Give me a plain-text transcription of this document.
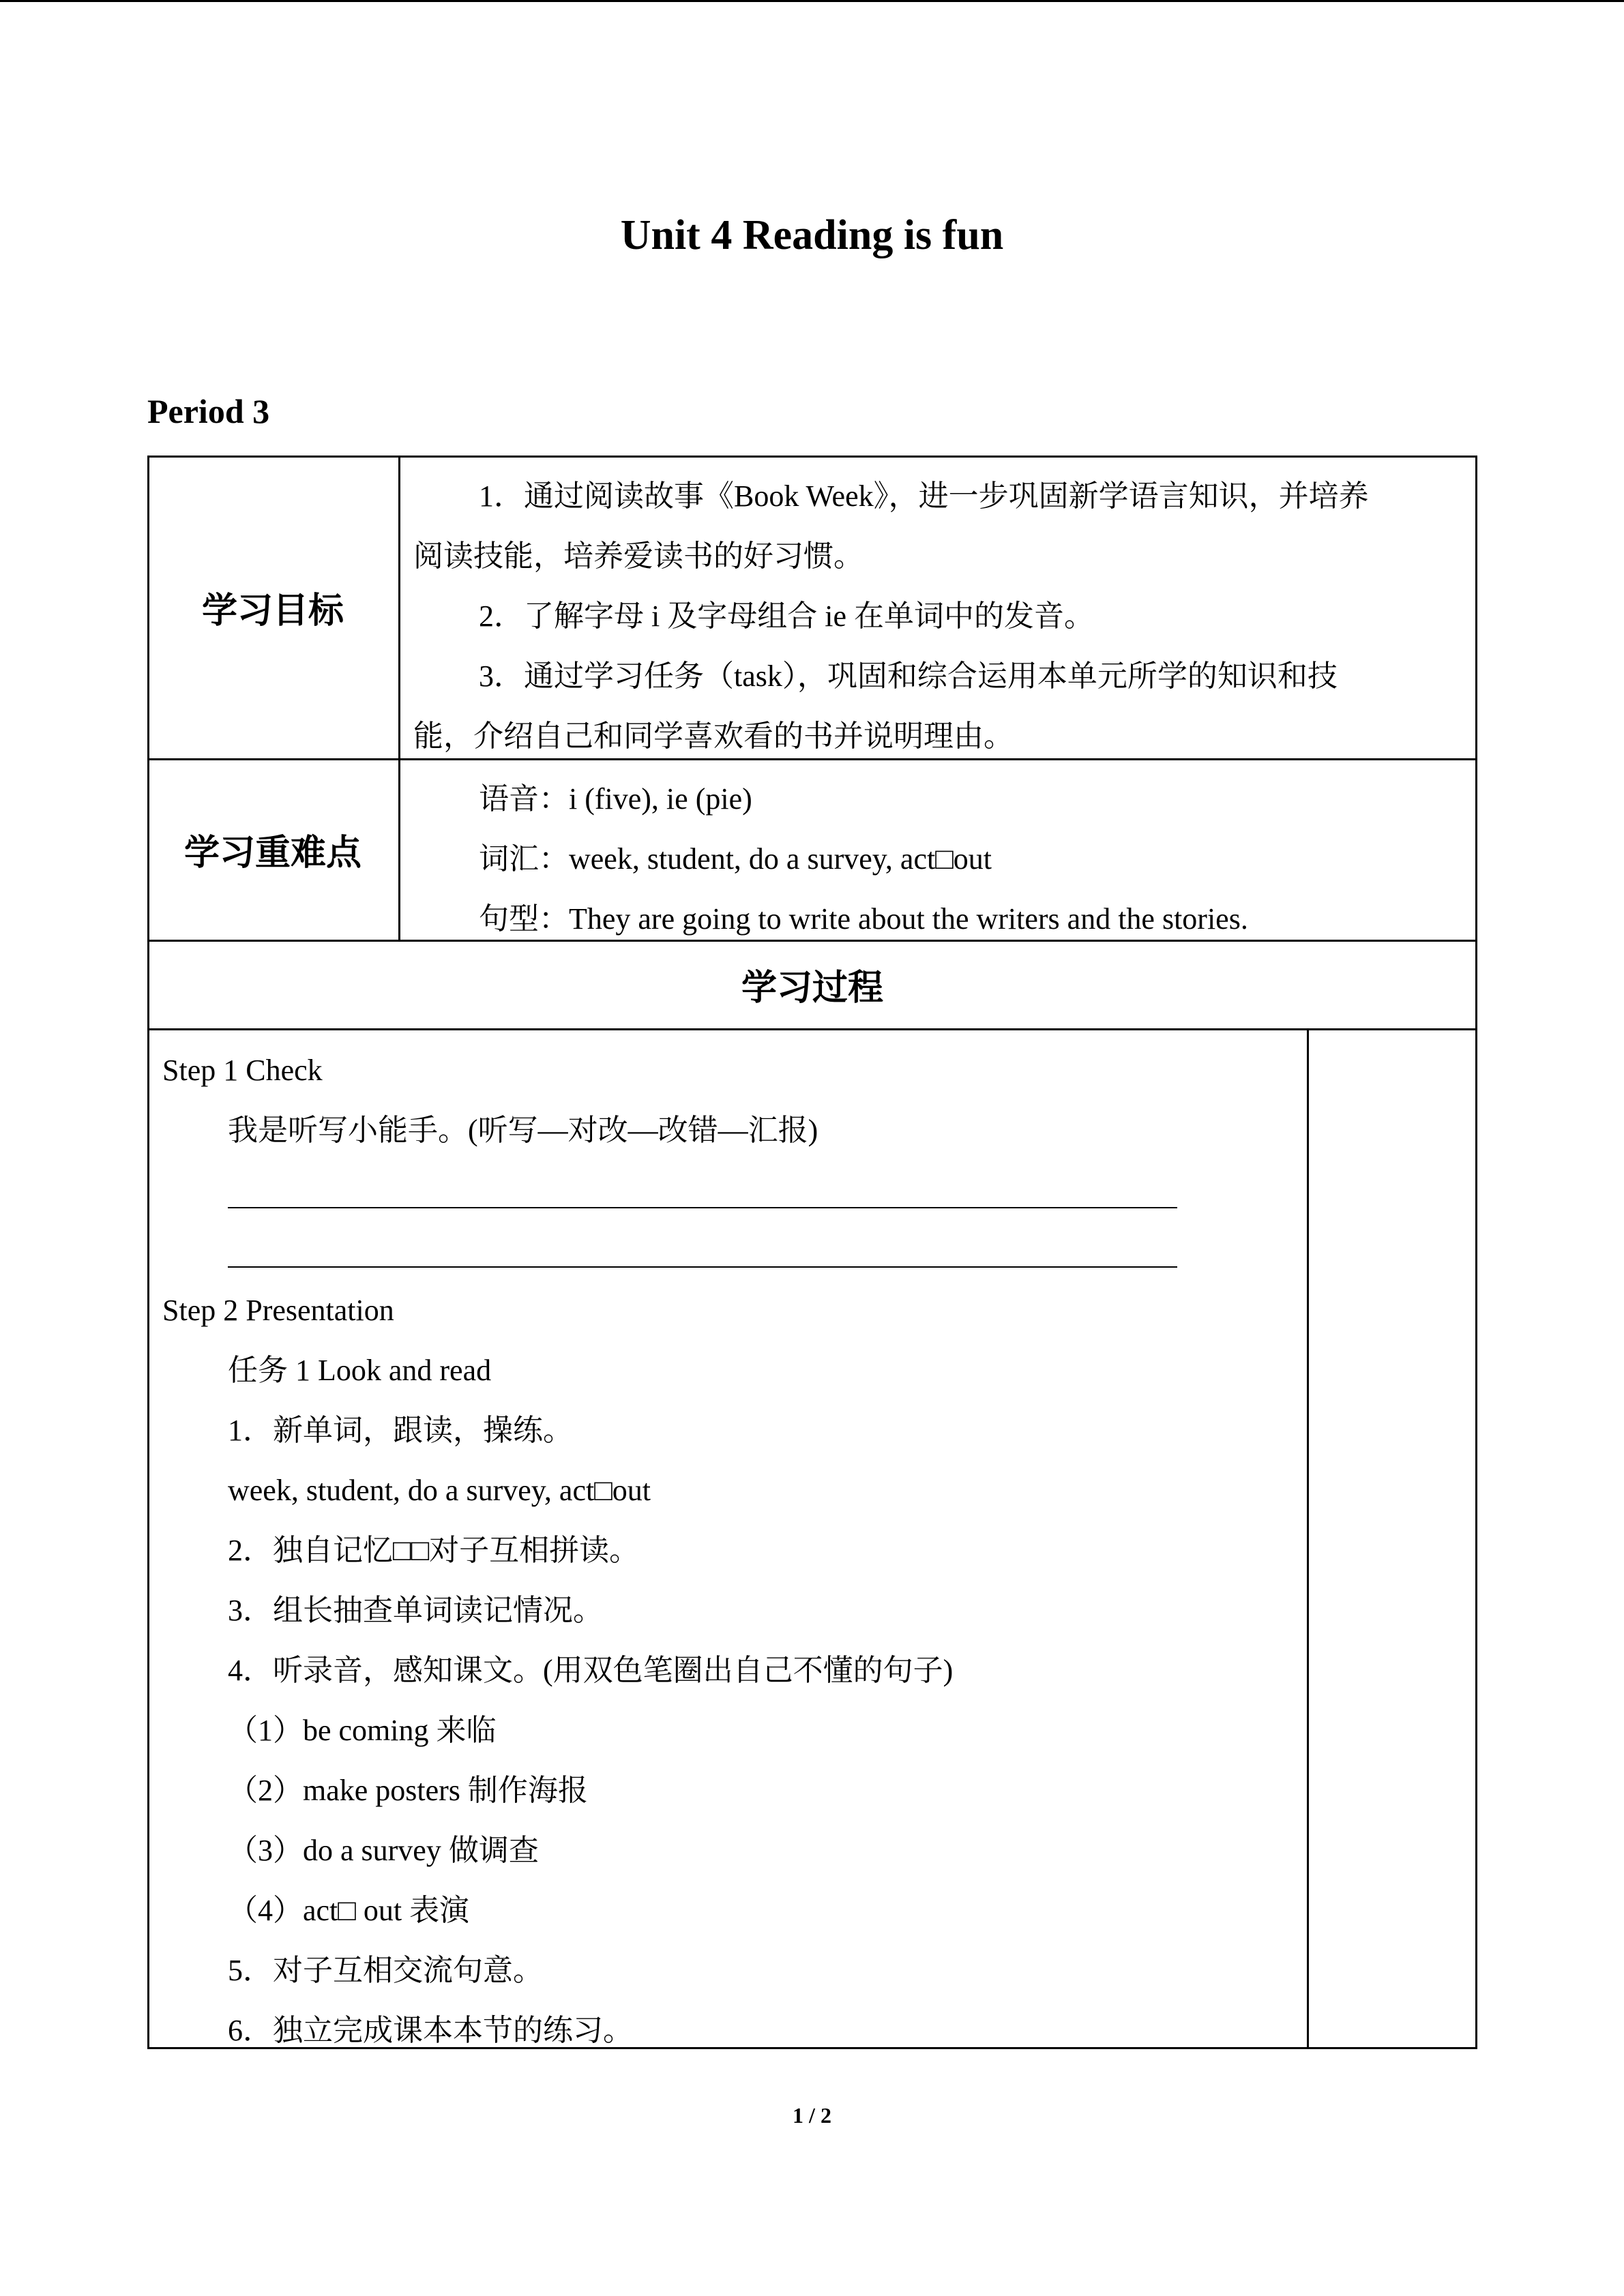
Unit 4 Reading is fun
Period 3
学习目标

1．通过阅读故事《Book Week》，进一步巩固新学语言知识，并培养

阅读技能，培养爱读书的好习惯。

2．了解字母 i 及字母组合 ie 在单词中的发音。

3．通过学习任务（task），巩固和综合运用本单元所学的知识和技

能，介绍自己和同学喜欢看的书并说明理由。

学习重难点

语音：i (five), ie (pie)

词汇：week, student, do a survey, act□out

句型：They are going to write about the writers and the stories.

学习过程

Step 1 Check

我是听写小能手。(听写—对改—改错—汇报)

Step 2 Presentation

任务 1 Look and read

1．新单词，跟读，操练。

week, student, do a survey, act□out

2．独自记忆□□对子互相拼读。

3．组长抽查单词读记情况。

4．听录音，感知课文。(用双色笔圈出自己不懂的句子)

（1）be coming 来临

（2）make posters 制作海报

（3）do a survey 做调查

（4）act□ out 表演

5．对子互相交流句意。

6．独立完成课本本节的练习。

1 / 2
